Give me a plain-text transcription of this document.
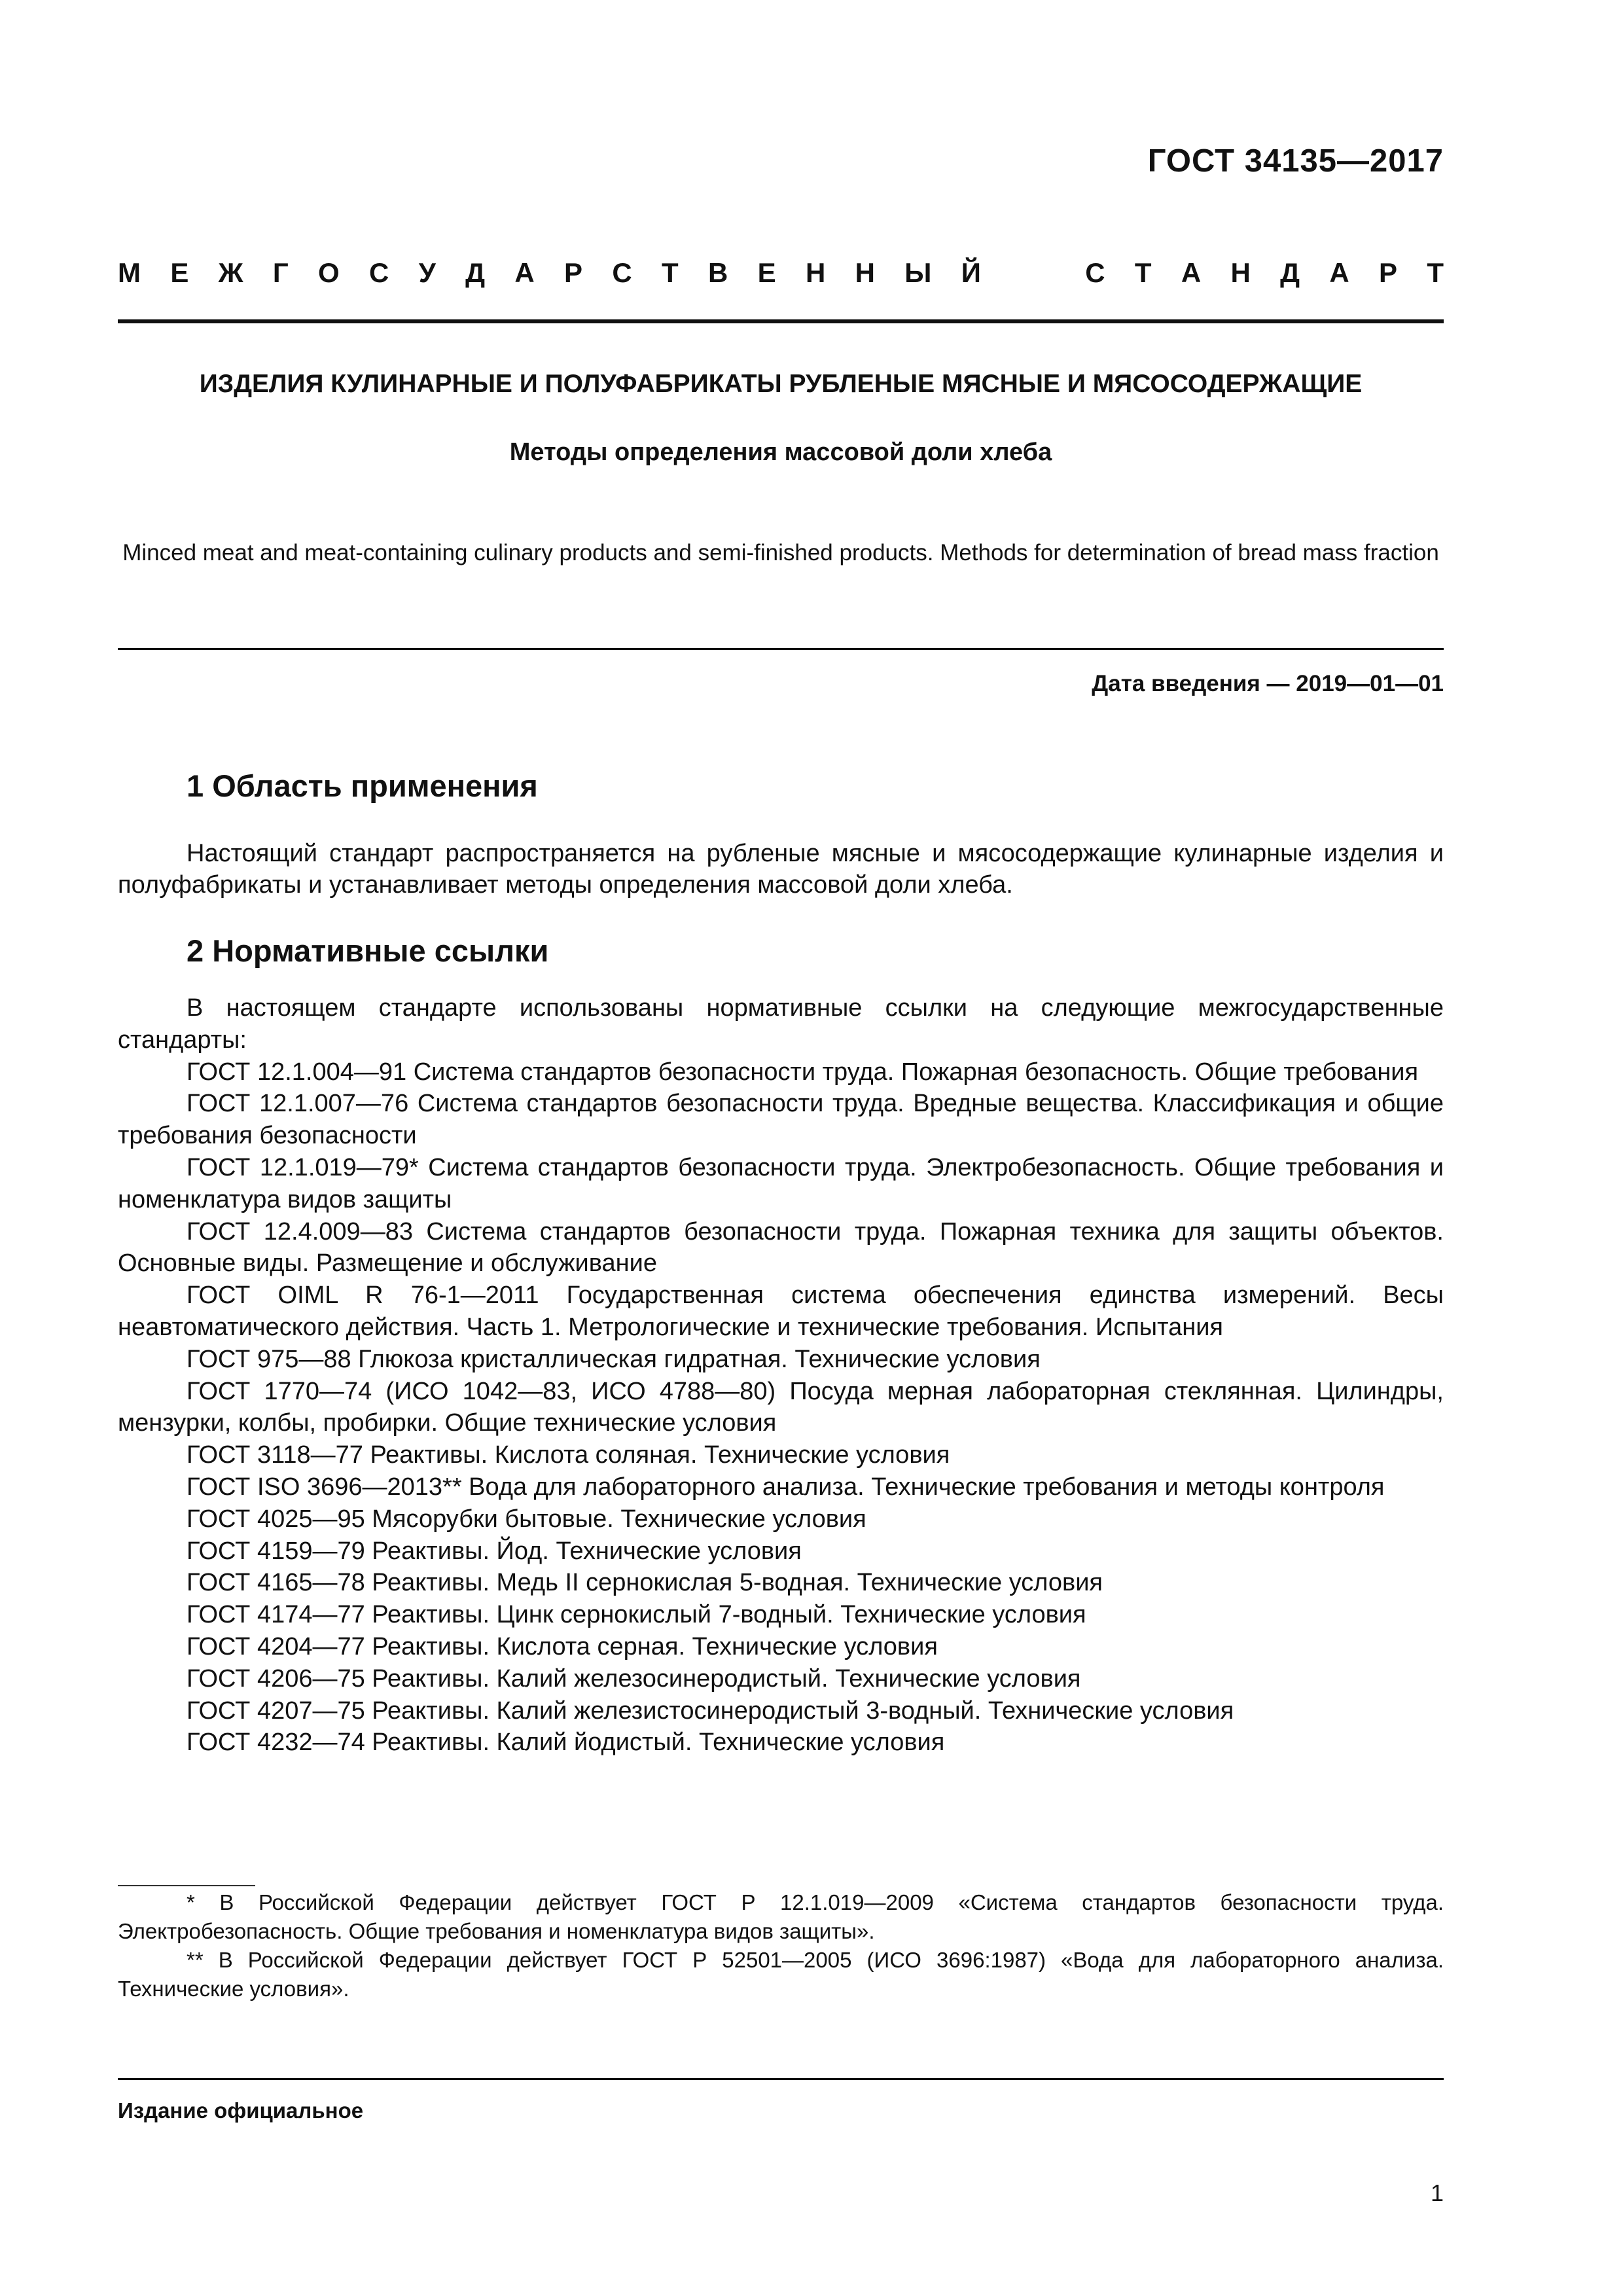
ГОСТ 34135—2017
М Е Ж Г О С У Д А Р С Т В Е Н Н Ы Й

	С Т А Н Д А Р Т
ИЗДЕЛИЯ КУЛИНАРНЫЕ И ПОЛУФАБРИКАТЫ РУБЛЕНЫЕ МЯСНЫЕ И МЯСОСОДЕРЖАЩИЕ
Методы определения массовой доли хлеба
Minced meat and meat-containing culinary products and semi-finished products. Methods for determination of bread mass fraction
Дата введения — 2019—01—01
1 Область применения

Настоящий стандарт распространяется на рубленые мясные и мясосодержащие кулинарные изделия и полуфабрикаты и устанавливает методы определения массовой доли хлеба.

2 Нормативные ссылки

В настоящем стандарте использованы нормативные ссылки на следующие межгосударственные стандарты:

ГОСТ 12.1.004—91 Система стандартов безопасности труда. Пожарная безопасность. Общие требования

ГОСТ 12.1.007—76 Система стандартов безопасности труда. Вредные вещества. Классификация и общие требования безопасности

ГОСТ 12.1.019—79* Система стандартов безопасности труда. Электробезопасность. Общие требования и номенклатура видов защиты

ГОСТ 12.4.009—83 Система стандартов безопасности труда. Пожарная техника для защиты объектов. Основные виды. Размещение и обслуживание

ГОСТ OIML R 76-1—2011 Государственная система обеспечения единства измерений. Весы неавтоматического действия. Часть 1. Метрологические и технические требования. Испытания

ГОСТ 975—88 Глюкоза кристаллическая гидратная. Технические условия

ГОСТ 1770—74 (ИСО 1042—83, ИСО 4788—80) Посуда мерная лабораторная стеклянная. Цилиндры, мензурки, колбы, пробирки. Общие технические условия

ГОСТ 3118—77 Реактивы. Кислота соляная. Технические условия

ГОСТ ISO 3696—2013** Вода для лабораторного анализа. Технические требования и методы контроля

ГОСТ 4025—95 Мясорубки бытовые. Технические условия

ГОСТ 4159—79 Реактивы. Йод. Технические условия

ГОСТ 4165—78 Реактивы. Медь II сернокислая 5-водная. Технические условия

ГОСТ 4174—77 Реактивы. Цинк сернокислый 7-водный. Технические условия

ГОСТ 4204—77 Реактивы. Кислота серная. Технические условия

ГОСТ 4206—75 Реактивы. Калий железосинеродистый. Технические условия

ГОСТ 4207—75 Реактивы. Калий железистосинеродистый 3-водный. Технические условия

ГОСТ 4232—74 Реактивы. Калий йодистый. Технические условия

* В Российской Федерации действует ГОСТ Р 12.1.019—2009 «Система стандартов безопасности труда. Электробезопасность. Общие требования и номенклатура видов защиты».

** В Российской Федерации действует ГОСТ Р 52501—2005 (ИСО 3696:1987) «Вода для лабораторного анализа. Технические условия».

Издание официальное
1
